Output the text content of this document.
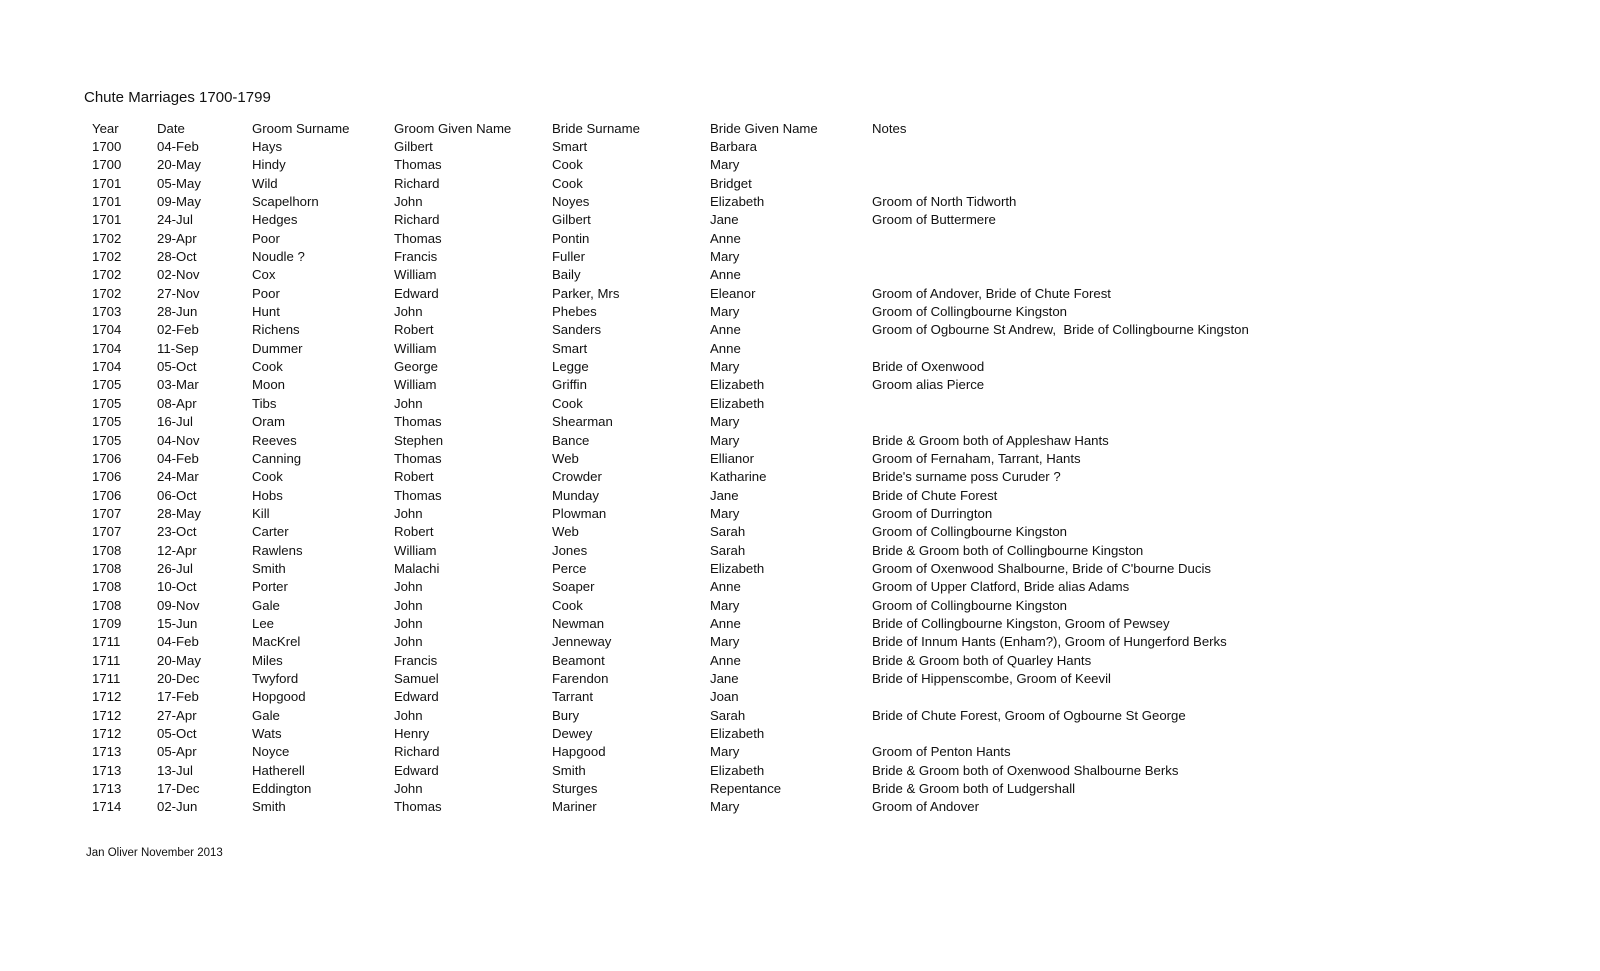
Chute Marriages 1700-1799
Year	Date	Groom Surname	Groom Given Name	Bride Surname	Bride Given Name	Notes
1700	04-Feb	Hays	Gilbert	Smart	Barbara	
1700	20-May	Hindy	Thomas	Cook	Mary	
1701	05-May	Wild	Richard	Cook	Bridget	
1701	09-May	Scapelhorn	John	Noyes	Elizabeth	Groom of North Tidworth
1701	24-Jul	Hedges	Richard	Gilbert	Jane	Groom of Buttermere
1702	29-Apr	Poor	Thomas	Pontin	Anne	
1702	28-Oct	Noudle ?	Francis	Fuller	Mary	
1702	02-Nov	Cox	William	Baily	Anne	
1702	27-Nov	Poor	Edward	Parker, Mrs	Eleanor	Groom of Andover, Bride of Chute Forest
1703	28-Jun	Hunt	John	Phebes	Mary	Groom of Collingbourne Kingston
1704	02-Feb	Richens	Robert	Sanders	Anne	Groom of Ogbourne St Andrew,  Bride of Collingbourne Kingston
1704	11-Sep	Dummer	William	Smart	Anne	
1704	05-Oct	Cook	George	Legge	Mary	Bride of Oxenwood
1705	03-Mar	Moon	William	Griffin	Elizabeth	Groom alias Pierce
1705	08-Apr	Tibs	John	Cook	Elizabeth	
1705	16-Jul	Oram	Thomas	Shearman	Mary	
1705	04-Nov	Reeves	Stephen	Bance	Mary	Bride & Groom both of Appleshaw Hants
1706	04-Feb	Canning	Thomas	Web	Ellianor	Groom of Fernaham, Tarrant, Hants
1706	24-Mar	Cook	Robert	Crowder	Katharine	Bride's surname poss Curuder ?
1706	06-Oct	Hobs	Thomas	Munday	Jane	Bride of Chute Forest
1707	28-May	Kill	John	Plowman	Mary	Groom of Durrington
1707	23-Oct	Carter	Robert	Web	Sarah	Groom of Collingbourne Kingston
1708	12-Apr	Rawlens	William	Jones	Sarah	Bride & Groom both of Collingbourne Kingston
1708	26-Jul	Smith	Malachi	Perce	Elizabeth	Groom of Oxenwood Shalbourne, Bride of C'bourne Ducis
1708	10-Oct	Porter	John	Soaper	Anne	Groom of Upper Clatford, Bride alias Adams
1708	09-Nov	Gale	John	Cook	Mary	Groom of Collingbourne Kingston
1709	15-Jun	Lee	John	Newman	Anne	Bride of Collingbourne Kingston, Groom of Pewsey
1711	04-Feb	MacKrel	John	Jenneway	Mary	Bride of Innum Hants (Enham?), Groom of Hungerford Berks
1711	20-May	Miles	Francis	Beamont	Anne	Bride & Groom both of Quarley Hants
1711	20-Dec	Twyford	Samuel	Farendon	Jane	Bride of Hippenscombe, Groom of Keevil
1712	17-Feb	Hopgood	Edward	Tarrant	Joan	
1712	27-Apr	Gale	John	Bury	Sarah	Bride of Chute Forest, Groom of Ogbourne St George
1712	05-Oct	Wats	Henry	Dewey	Elizabeth	
1713	05-Apr	Noyce	Richard	Hapgood	Mary	Groom of Penton Hants
1713	13-Jul	Hatherell	Edward	Smith	Elizabeth	Bride & Groom both of Oxenwood Shalbourne Berks
1713	17-Dec	Eddington	John	Sturges	Repentance	Bride & Groom both of Ludgershall
1714	02-Jun	Smith	Thomas	Mariner	Mary	Groom of Andover
Jan Oliver November 2013
